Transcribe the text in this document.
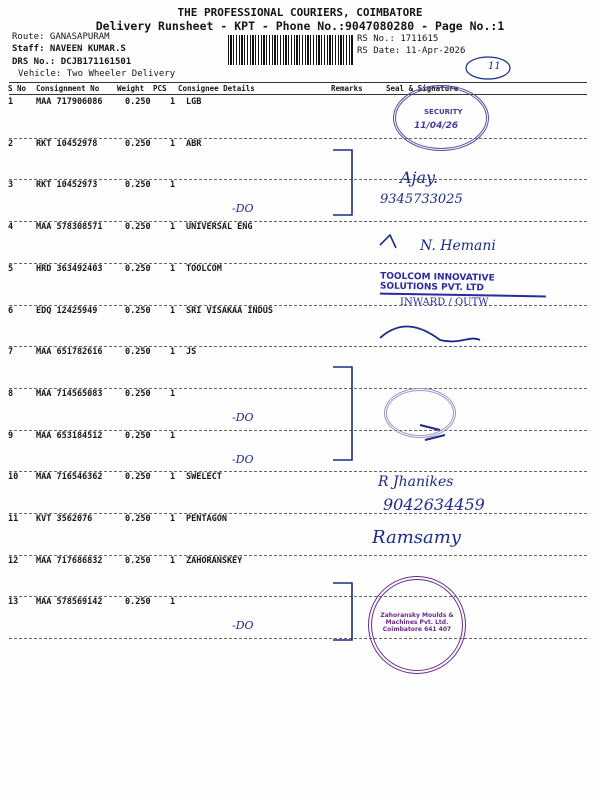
THE PROFESSIONAL COURIERS, COIMBATORE
Delivery Runsheet - KPT - Phone No.:9047080280 - Page No.:1
Route: GANASAPURAM
Staff: NAVEEN KUMAR.S
DRS No.: DCJB171161501
Vehicle: Two Wheeler Delivery
RS No.: 1711615
RS Date: 11-Apr-2026
S No Consignment No Weight PCS Consignee Details	Remarks	Seal & Signature
1	MAA 717906086	0.250 1 LGB
2	RKT 10452978	0.250 1 ABR
3	RKT 10452973	0.250 1
-DO
4	MAA 578308571	0.250 1 UNIVERSAL ENG
5	HRD 363492403	0.250 1 TOOLCOM
6	EDQ 12425949	0.250 1 SRI VISAKAA INDUS
7	MAA 651782616	0.250 1 JS
8	MAA 714565083	0.250 1
-DO
9	MAA 653184512	0.250 1
-DO
10 MAA 716546362	0.250 1 SWELECT
11 KVT 3562076	0.250 1 PENTAGON
12 MAA 717686832	0.250 1 ZAHORANSKEY
13 MAA 578569142	0.250 1
-DO
11
SECURITY
11/04/26
Ajay.
9345733025
N. Hemani
TOOLCOM INNOVATIVE SOLUTIONS PVT. LTD
INWARD / OUTW
R Jhanikes
9042634459
Ramsamy
Zahoransky Moulds & Machines Pvt. Ltd. Coimbatore 641 407
